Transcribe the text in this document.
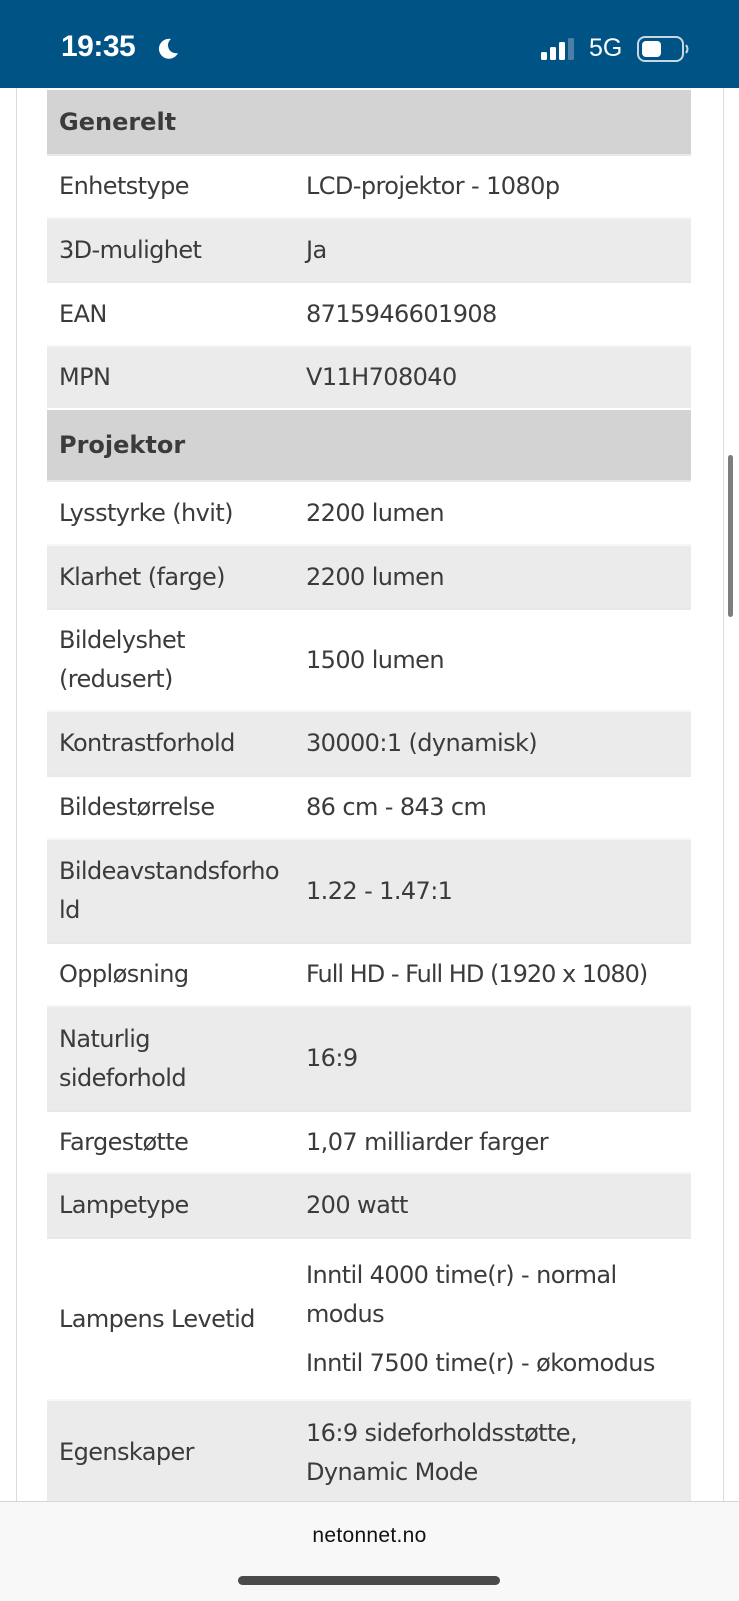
19:35	5G
Generelt	
Enhetstype	LCD-projektor - 1080p
3D-mulighet	Ja
EAN	8715946601908
MPN	V11H708040
Projektor	
Lysstyrke (hvit)	2200 lumen
Klarhet (farge)	2200 lumen
Bildelyshet (redusert)	1500 lumen
Kontrastforhold	30000:1 (dynamisk)
Bildestørrelse	86 cm - 843 cm
Bildeavstandsforhold	1.22 - 1.47:1
Oppløsning	Full HD - Full HD (1920 x 1080)
Naturlig sideforhold	16:9
Fargestøtte	1,07 milliarder farger
Lampetype	200 watt
Lampens Levetid	Inntil 4000 time(r) - normal modus
Inntil 7500 time(r) - økomodus

Egenskaper	16:9 sideforholdsstøtte, Dynamic Mode
netonnet.no
